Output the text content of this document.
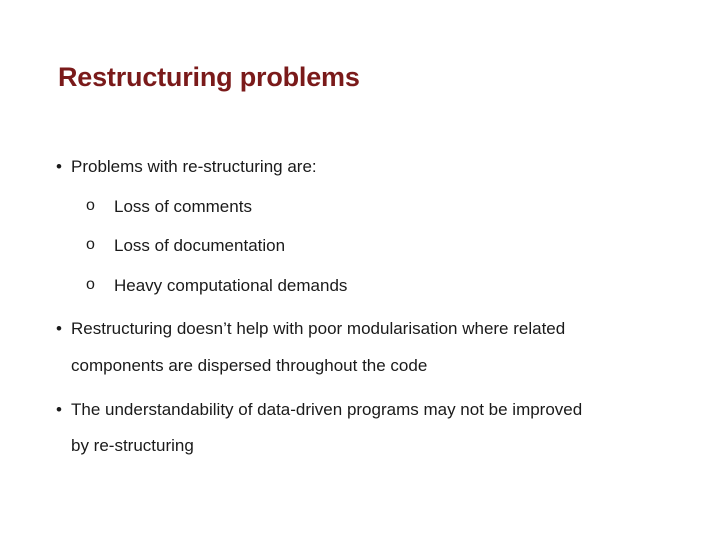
Restructuring problems
• Problems with re-structuring are:
o Loss of comments
o Loss of documentation
o Heavy computational demands
• Restructuring doesn’t help with poor modularisation where related
components are dispersed throughout the code
• The understandability of data-driven programs may not be improved
by re-structuring
